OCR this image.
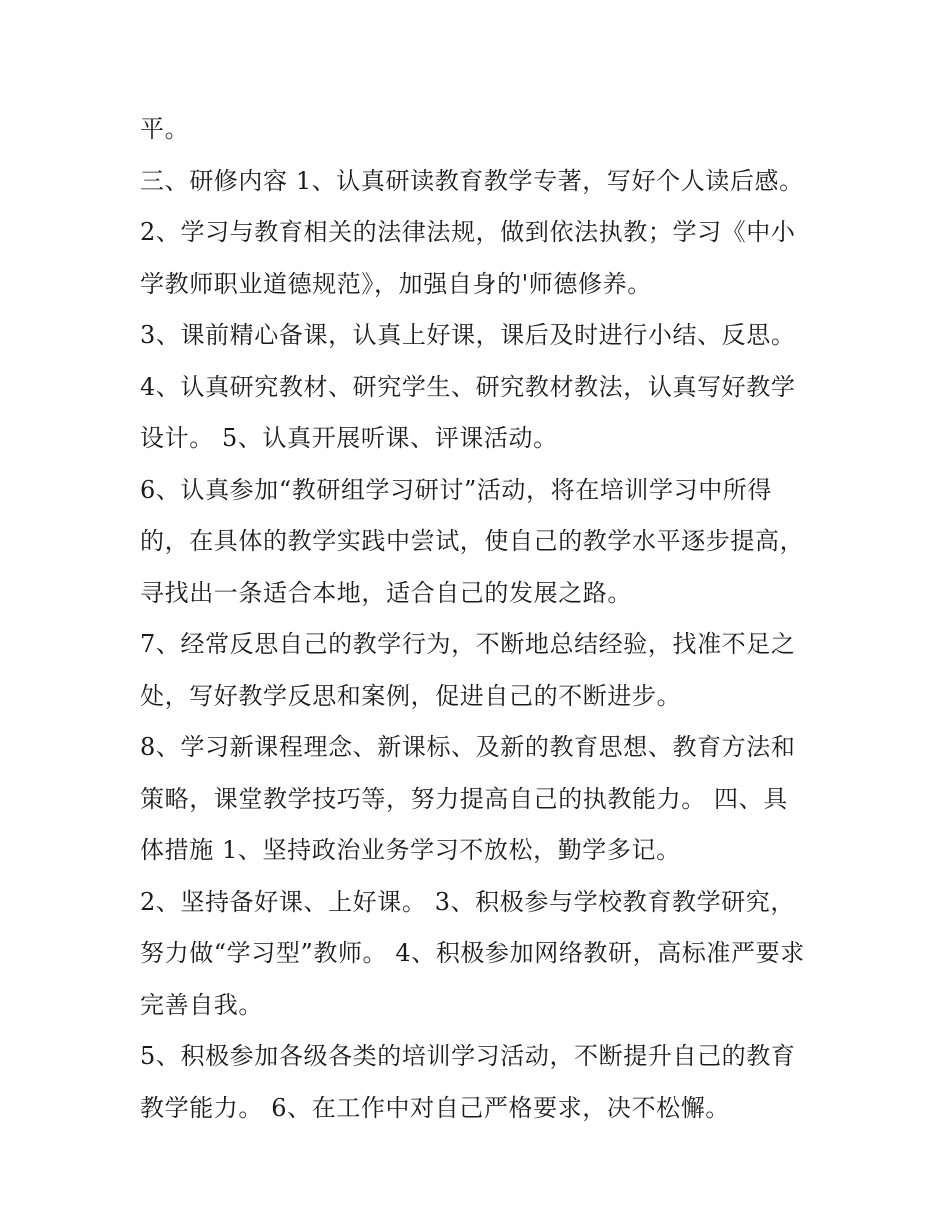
平。
三、研修内容 1、认真研读教育教学专著，写好个人读后感。
2、学习与教育相关的法律法规，做到依法执教；学习《中小
学教师职业道德规范》，加强自身的'师德修养。
3、课前精心备课，认真上好课，课后及时进行小结、反思。
4、认真研究教材、研究学生、研究教材教法，认真写好教学
设计。 5、认真开展听课、评课活动。
6、认真参加“教研组学习研讨”活动，将在培训学习中所得
的，在具体的教学实践中尝试，使自己的教学水平逐步提高，
寻找出一条适合本地，适合自己的发展之路。
7、经常反思自己的教学行为，不断地总结经验，找准不足之
处，写好教学反思和案例，促进自己的不断进步。
8、学习新课程理念、新课标、及新的教育思想、教育方法和
策略，课堂教学技巧等，努力提高自己的执教能力。 四、具
体措施 1、坚持政治业务学习不放松，勤学多记。
2、坚持备好课、上好课。 3、积极参与学校教育教学研究，
努力做“学习型”教师。 4、积极参加网络教研，高标准严要求
完善自我。
5、积极参加各级各类的培训学习活动，不断提升自己的教育
教学能力。 6、在工作中对自己严格要求，决不松懈。
